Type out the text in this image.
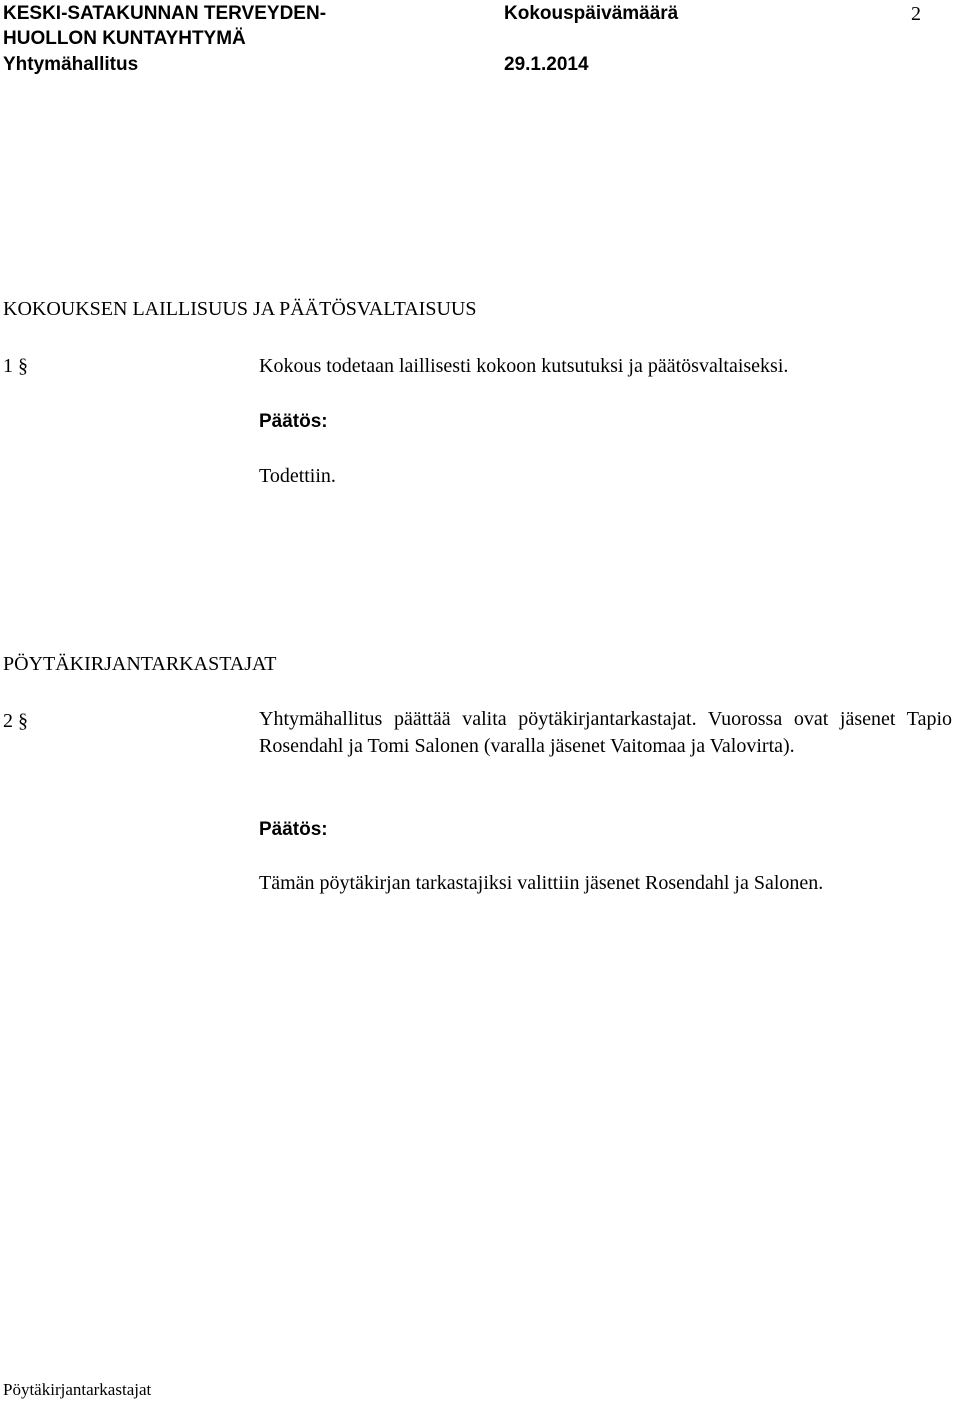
KESKI-SATAKUNNAN TERVEYDEN-
HUOLLON KUNTAYHTYMÄ
Yhtymähallitus
Kokouspäivämäärä
29.1.2014
2
KOKOUKSEN LAILLISUUS JA PÄÄTÖSVALTAISUUS
1 §	Kokous todetaan laillisesti kokoon kutsutuksi ja päätösvaltaiseksi.
Päätös:
Todettiin.
PÖYTÄKIRJANTARKASTAJAT
2 §	Yhtymähallitus päättää valita pöytäkirjantarkastajat. Vuorossa ovat jäsenet Tapio Rosendahl ja Tomi Salonen (varalla jäsenet Vaitomaa ja Valovirta).
Päätös:
Tämän pöytäkirjan tarkastajiksi valittiin jäsenet Rosendahl ja Salonen.
Pöytäkirjantarkastajat
